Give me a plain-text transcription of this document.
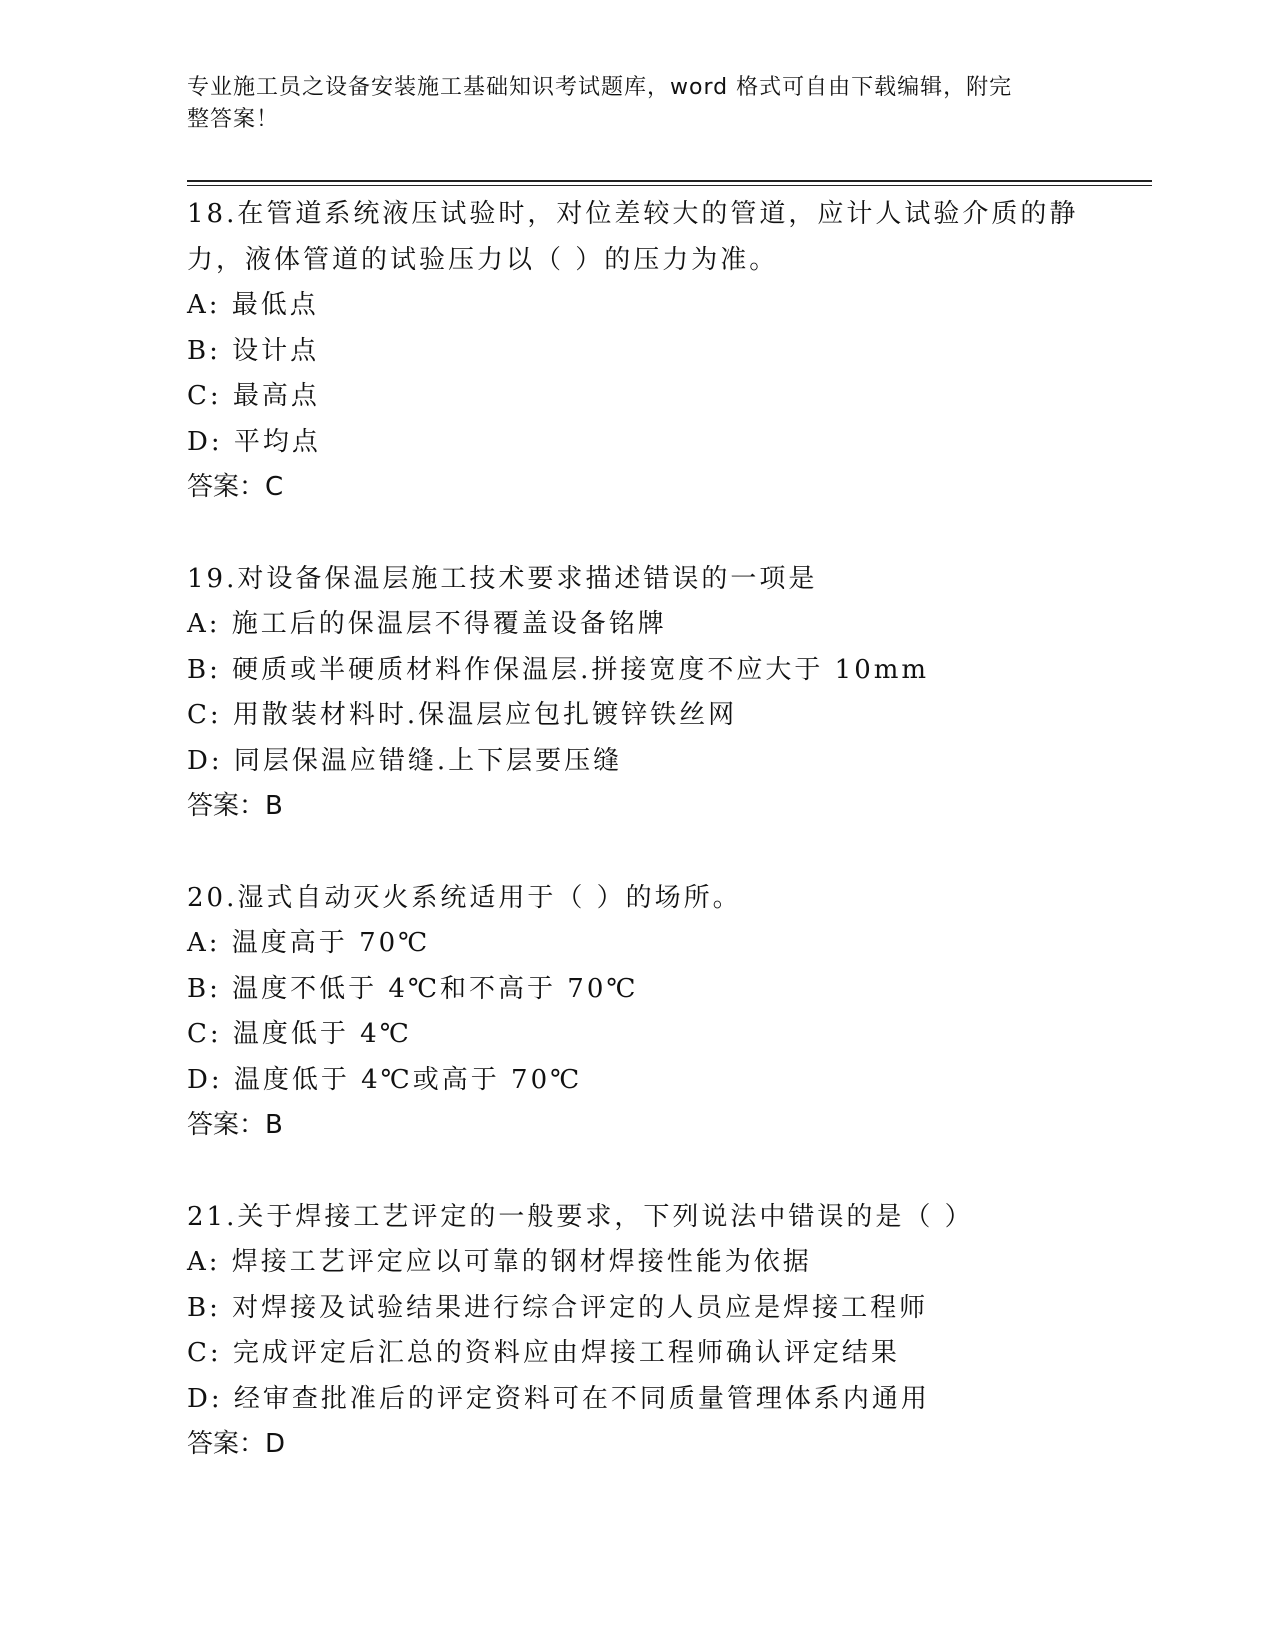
专业施工员之设备安装施工基础知识考试题库，word 格式可自由下载编辑，附完
整答案！

18.在管道系统液压试验时，对位差较大的管道，应计人试验介质的静

力，液体管道的试验压力以（ ）的压力为准。

A: 最低点

B: 设计点

C: 最高点

D: 平均点

答案：C

19.对设备保温层施工技术要求描述错误的一项是

A: 施工后的保温层不得覆盖设备铭牌

B: 硬质或半硬质材料作保温层.拼接宽度不应大于 10mm

C: 用散装材料时.保温层应包扎镀锌铁丝网

D: 同层保温应错缝.上下层要压缝

答案：B

20.湿式自动灭火系统适用于（ ）的场所。

A: 温度高于 70℃

B: 温度不低于 4℃和不高于 70℃

C: 温度低于 4℃

D: 温度低于 4℃或高于 70℃

答案：B

21.关于焊接工艺评定的一般要求，下列说法中错误的是（ ）

A: 焊接工艺评定应以可靠的钢材焊接性能为依据

B: 对焊接及试验结果进行综合评定的人员应是焊接工程师

C: 完成评定后汇总的资料应由焊接工程师确认评定结果

D: 经审查批准后的评定资料可在不同质量管理体系内通用

答案：D
